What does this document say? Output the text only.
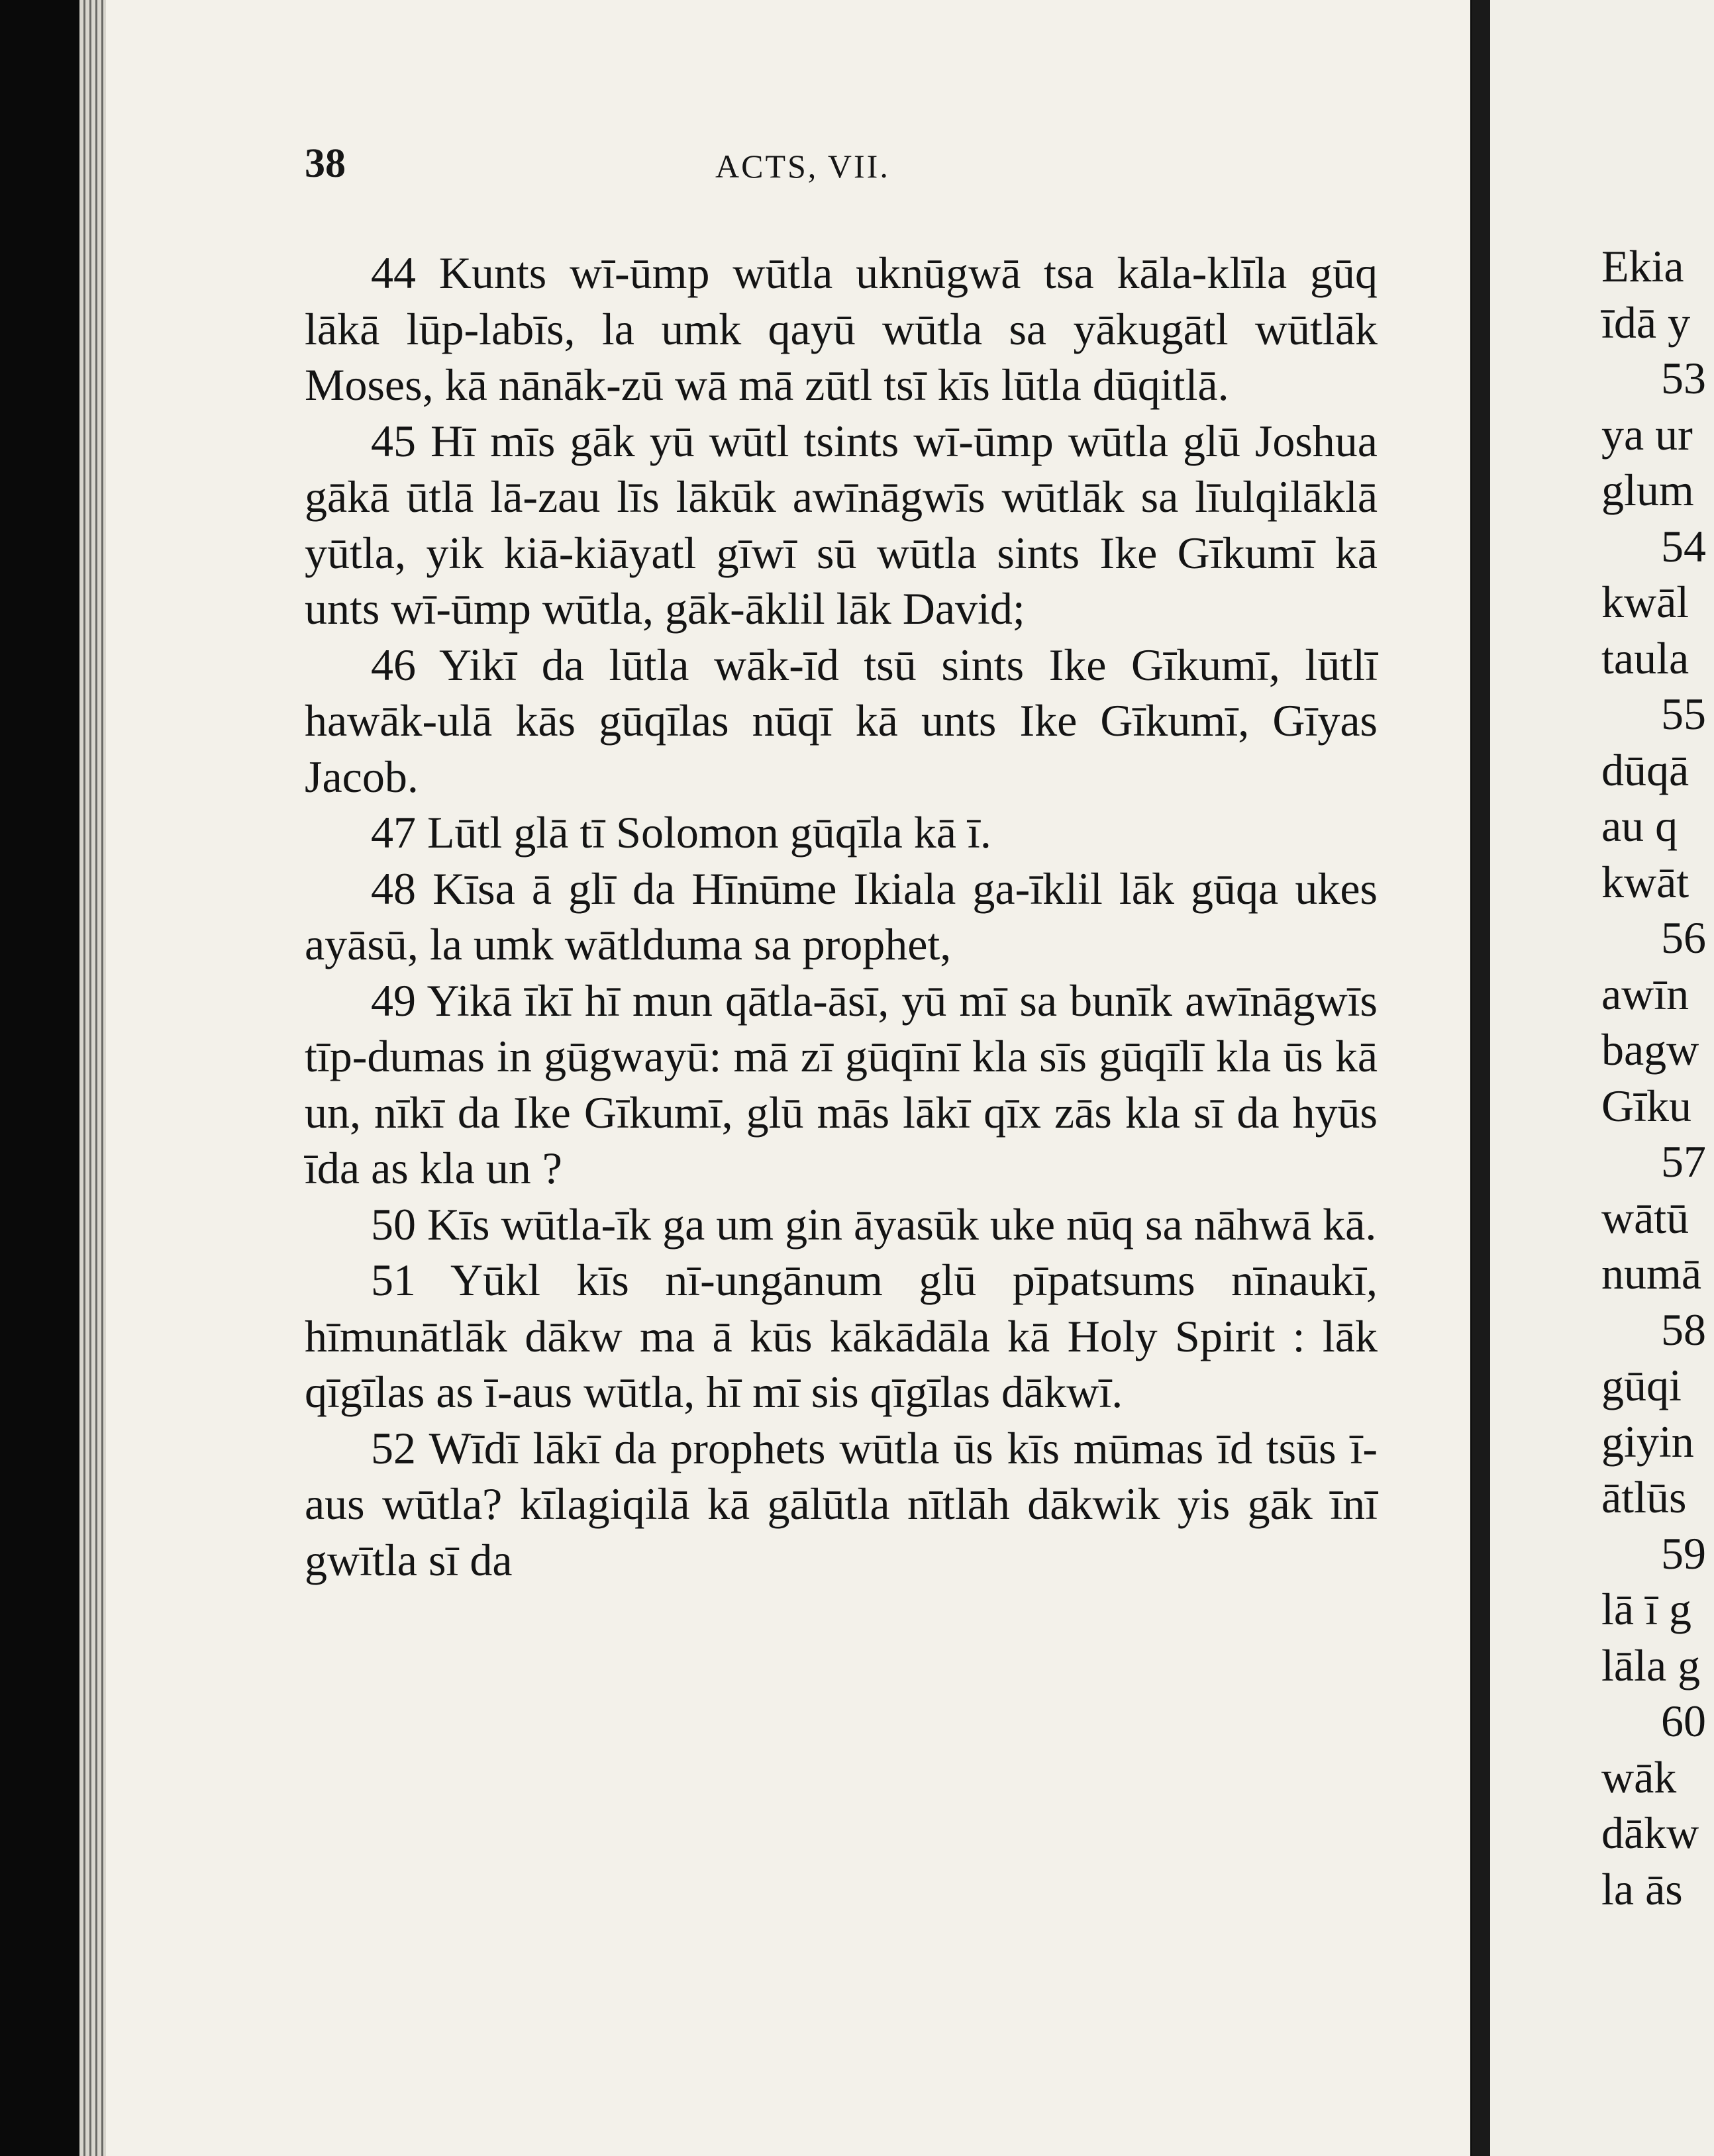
38	ACTS, VII.

44 Kunts wī-ūmp wūtla uknūgwā tsa kāla-klīla gūq lākā lūp-labīs, la umk qayū wūtla sa yākugātl wūtlāk Moses, kā nānāk-zū wā mā zūtl tsī kīs lūtla dūqitlā.

45 Hī mīs gāk yū wūtl tsints wī-ūmp wūtla glū Joshua gākā ūtlā lā-zau līs lākūk awīnāgwīs wūtlāk sa līulqilāklā yūtla, yik kiā-kiāyatl gīwī sū wūtla sints Ike Gīkumī kā unts wī-ūmp wūtla, gāk-āklil lāk David;

46 Yikī da lūtla wāk-īd tsū sints Ike Gīkumī, lūtlī hawāk-ulā kās gūqīlas nūqī kā unts Ike Gīkumī, Gīyas Jacob.

47 Lūtl glā tī Solomon gūqīla kā ī.

48 Kīsa ā glī da Hīnūme Ikiala ga-īklil lāk gūqa ukes ayāsū, la umk wātlduma sa prophet,

49 Yikā īkī hī mun qātla-āsī, yū mī sa bunīk awīnāgwīs tīp-dumas in gūgwayū: mā zī gūqīnī kla sīs gūqīlī kla ūs kā un, nīkī da Ike Gīkumī, glū mās lākī qīx zās kla sī da hyūs īda as kla un ?

50 Kīs wūtla-īk ga um gin āyasūk uke nūq sa nāhwā kā.

51 Yūkl kīs nī-ungānum glū pīpatsums nīnaukī, hīmunātlāk dākw ma ā kūs kākādāla kā Holy Spirit : lāk qīgīlas as ī-aus wūtla, hī mī sis qīgīlas dākwī.

52 Wīdī lākī da prophets wūtla ūs kīs mūmas īd tsūs ī-aus wūtla? kīlagiqilā kā gālūtla nītlāh dākwik yis gāk īnī gwītla sī da

Ekia
īdā y
53
ya ur
glum
54
kwāl
taula
55
dūqā
au q
kwāt
56
awīn
bagw
Gīku
57
wātū
numā
58
gūqi
giyin
ātlūs
59
lā ī g
lāla g
60
wāk
dākw
la ās
